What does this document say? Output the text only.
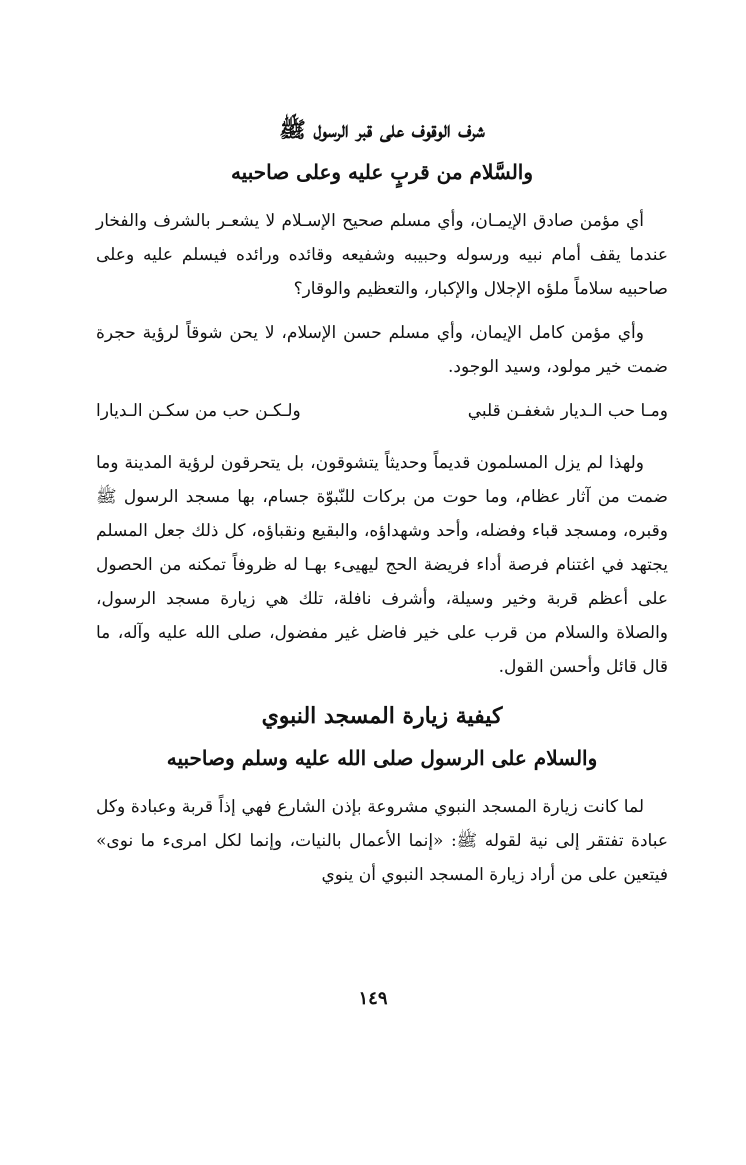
شرف الوقوف على قبر الرسول ﷺ
والسَّلام من قربٍ عليه وعلى صاحبيه

أي مؤمن صادق الإيمـان، وأي مسلم صحيح الإسـلام لا يشعـر بالشرف والفخار عندما يقف أمام نبيه ورسوله وحبيبه وشفيعه وقائده ورائده فيسلم عليه وعلى صاحبيه سلاماً ملؤه الإجلال والإكبار، والتعظيم والوقار؟

وأي مؤمن كامل الإيمان، وأي مسلم حسن الإسلام، لا يحن شوقاً لرؤية حجرة ضمت خير مولود، وسيد الوجود.

ومـا حب الـديار شغفـن قلبي
ولـكـن حب من سكـن الـديارا

ولهذا لم يزل المسلمون قديماً وحديثاً يتشوقون، بل يتحرقون لرؤية المدينة وما ضمت من آثار عظام، وما حوت من بركات للنّبوّة جسام، بها مسجد الرسول ﷺ وقبره، ومسجد قباء وفضله، وأحد وشهداؤه، والبقيع ونقباؤه، كل ذلك جعل المسلم يجتهد في اغتنام فرصة أداء فريضة الحج ليهيىء بهـا له ظروفاً تمكنه من الحصول على أعظم قربة وخير وسيلة، وأشرف نافلة، تلك هي زيارة مسجد الرسول، والصلاة والسلام من قرب على خير فاضل غير مفضول، صلى الله عليه وآله، ما قال قائل وأحسن القول.

كيفية زيارة المسجد النبوي
والسلام على الرسول صلى الله عليه وسلم وصاحبيه

لما كانت زيارة المسجد النبوي مشروعة بإذن الشارع فهي إذاً قربة وعبادة وكل عبادة تفتقر إلى نية لقوله ﷺ: «إنما الأعمال بالنيات، وإنما لكل امرىء ما نوى» فيتعين على من أراد زيارة المسجد النبوي أن ينوي

١٤٩
